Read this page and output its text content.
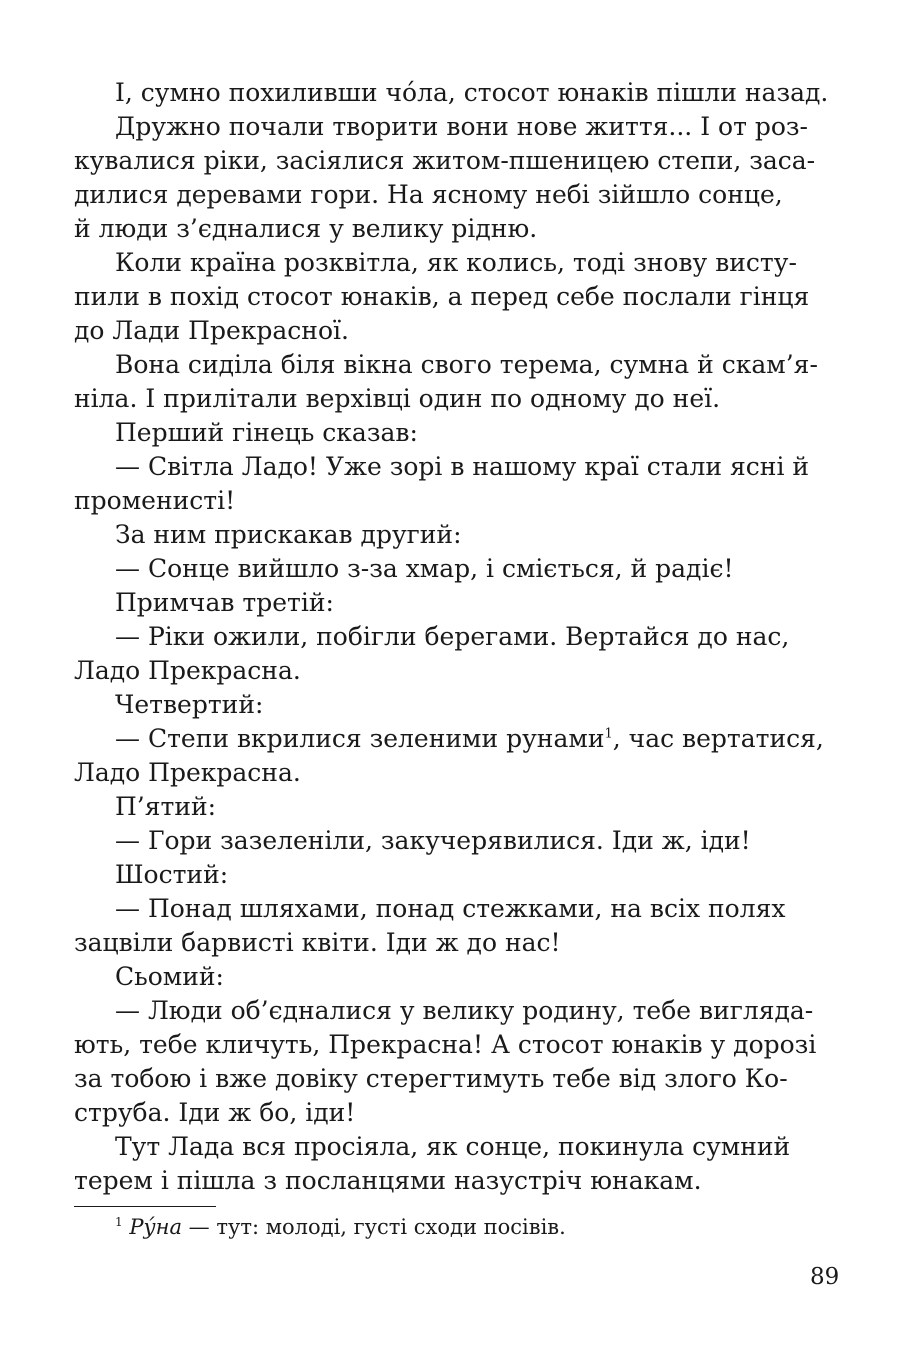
І, сумно похиливши чо́ла, стосот юнаків пішли назад.
Дружно почали творити вони нове життя... І от роз-
кувалися ріки, засіялися житом-пшеницею степи, заса-
дилися деревами гори. На ясному небі зійшло сонце,
й люди з’єдналися у велику рідню.
Коли країна розквітла, як колись, тоді знову висту-
пили в похід стосот юнаків, а перед себе послали гінця
до Лади Прекрасної.
Вона сиділа біля вікна свого терема, сумна й скам’я-
ніла. І прилітали верхівці один по одному до неї.
Перший гінець сказав:
— Світла Ладо! Уже зорі в нашому краї стали ясні й
променисті!
За ним прискакав другий:
— Сонце вийшло з-за хмар, і сміється, й радіє!
Примчав третій:
— Ріки ожили, побігли берегами. Вертайся до нас,
Ладо Прекрасна.
Четвертий:
— Степи вкрилися зеленими рунами$^1$, час вертатися,
Ладо Прекрасна.
П’ятий:
— Гори зазеленіли, закучерявилися. Іди ж, іди!
Шостий:
— Понад шляхами, понад стежками, на всіх полях
зацвіли барвисті квіти. Іди ж до нас!
Сьомий:
— Люди об’єдналися у велику родину, тебе вигляда-
ють, тебе кличуть, Прекрасна! А стосот юнаків у дорозі
за тобою і вже довіку стерегтимуть тебе від злого Ко-
струба. Іди ж бо, іди!
Тут Лада вся просіяла, як сонце, покинула сумний
терем і пішла з посланцями назустріч юнакам.
$^1$ Ру́на — тут: молоді, густі сходи посівів.
89
